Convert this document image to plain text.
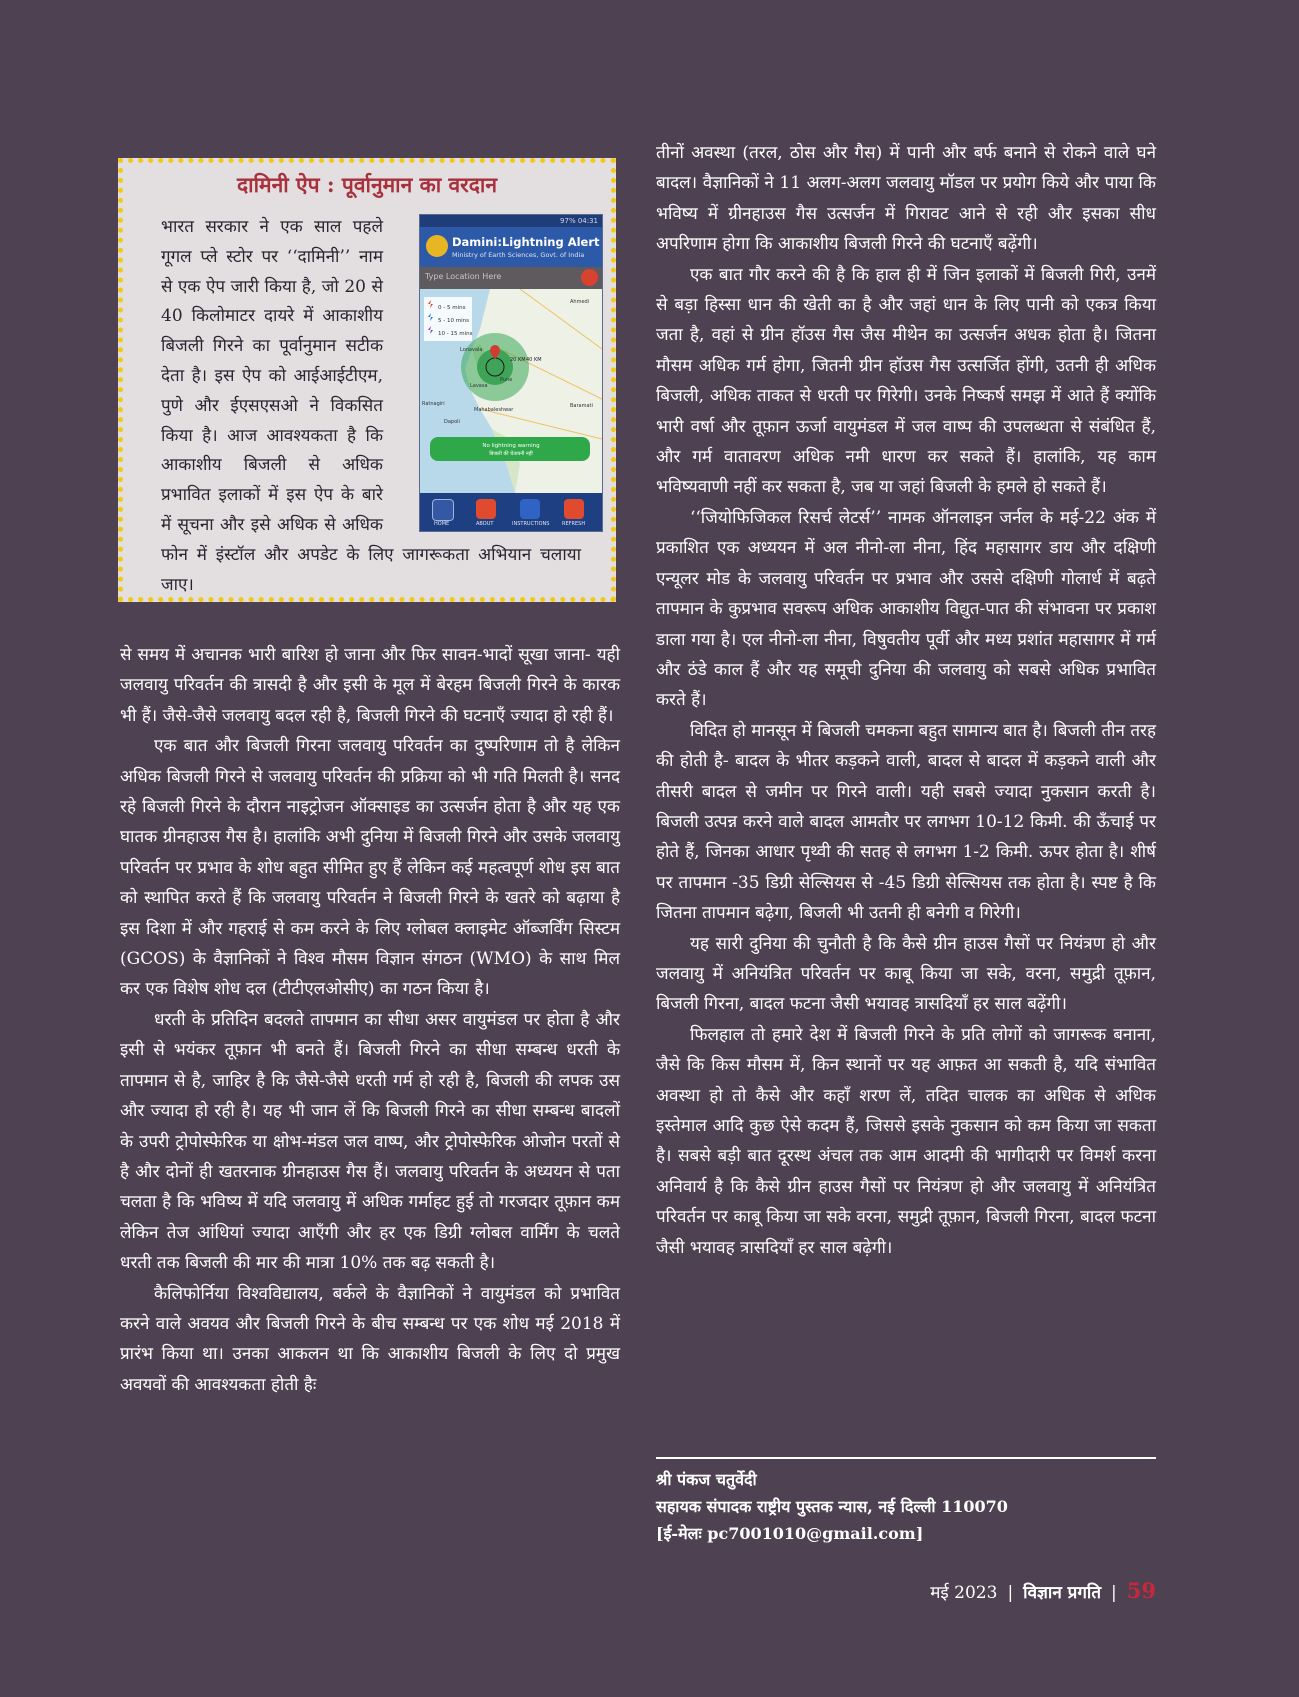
दामिनी ऐप : पूर्वानुमान का वरदान
भारत सरकार ने एक साल पहले गूगल प्ले स्टोर पर ‘‘दामिनी’’ नाम से एक ऐप जारी किया है, जो 20 से 40 किलोमाटर दायरे में आकाशीय बिजली गिरने का पूर्वानुमान सटीक देता है। इस ऐप को आईआईटीएम, पुणे और ईएसएसओ ने विकसित किया है। आज आवश्यकता है कि आकाशीय बिजली से अधिक प्रभावित इलाकों में इस ऐप के बारे में सूचना और इसे अधिक से अधिक फोन में इंस्टॉल और अपडेट के लिए जागरूकता अभियान चलाया जाए।
97% 04:31
Damini:Lightning Alert
Ministry of Earth Sciences, Govt. of India
Type Location Here
0 - 5 mins
5 - 10 mins
10 - 15 mins
Ahmedi
Lonavala
Lavasa
Pune
Baramati
Mahabaleshwar
Ratnagiri
Dapoli
20 KM 40 KM
No lightning warning
बिजली की चेतावनी नहीं
HOME	ABOUT	INSTRUCTIONS	REFRESH

से समय में अचानक भारी बारिश हो जाना और फिर सावन-भादों सूखा जाना- यही जलवायु परिवर्तन की त्रासदी है और इसी के मूल में बेरहम बिजली गिरने के कारक भी हैं। जैसे-जैसे जलवायु बदल रही है, बिजली गिरने की घटनाएँ ज्यादा हो रही हैं।

एक बात और बिजली गिरना जलवायु परिवर्तन का दुष्परिणाम तो है लेकिन अधिक बिजली गिरने से जलवायु परिवर्तन की प्रक्रिया को भी गति मिलती है। सनद रहे बिजली गिरने के दौरान नाइट्रोजन ऑक्साइड का उत्सर्जन होता है और यह एक घातक ग्रीनहाउस गैस है। हालांकि अभी दुनिया में बिजली गिरने और उसके जलवायु परिवर्तन पर प्रभाव के शोध बहुत सीमित हुए हैं लेकिन कई महत्वपूर्ण शोध इस बात को स्थापित करते हैं कि जलवायु परिवर्तन ने बिजली गिरने के खतरे को बढ़ाया है इस दिशा में और गहराई से कम करने के लिए ग्लोबल क्लाइमेट ऑब्जर्विंग सिस्टम (GCOS) के वैज्ञानिकों ने विश्व मौसम विज्ञान संगठन (WMO) के साथ मिल कर एक विशेष शोध दल (टीटीएलओसीए) का गठन किया है।

धरती के प्रतिदिन बदलते तापमान का सीधा असर वायुमंडल पर होता है और इसी से भयंकर तूफ़ान भी बनते हैं। बिजली गिरने का सीधा सम्बन्ध धरती के तापमान से है, जाहिर है कि जैसे-जैसे धरती गर्म हो रही है, बिजली की लपक उस और ज्यादा हो रही है। यह भी जान लें कि बिजली गिरने का सीधा सम्बन्ध बादलों के उपरी ट्रोपोस्फेरिक या क्षोभ-मंडल जल वाष्प, और ट्रोपोस्फेरिक ओजोन परतों से है और दोनों ही खतरनाक ग्रीनहाउस गैस हैं। जलवायु परिवर्तन के अध्ययन से पता चलता है कि भविष्य में यदि जलवायु में अधिक गर्माहट हुई तो गरजदार तूफ़ान कम लेकिन तेज आंधियां ज्यादा आएँगी और हर एक डिग्री ग्लोबल वार्मिंग के चलते धरती तक बिजली की मार की मात्रा 10% तक बढ़ सकती है।

कैलिफोर्निया विश्वविद्यालय, बर्कले के वैज्ञानिकों ने वायुमंडल को प्रभावित करने वाले अवयव और बिजली गिरने के बीच सम्बन्ध पर एक शोध मई 2018 में प्रारंभ किया था। उनका आकलन था कि आकाशीय बिजली के लिए दो प्रमुख अवयवों की आवश्यकता होती हैः

तीनों अवस्था (तरल, ठोस और गैस) में पानी और बर्फ बनाने से रोकने वाले घने बादल। वैज्ञानिकों ने 11 अलग-अलग जलवायु मॉडल पर प्रयोग किये और पाया कि भविष्य में ग्रीनहाउस गैस उत्सर्जन में गिरावट आने से रही और इसका सीध अपरिणाम होगा कि आकाशीय बिजली गिरने की घटनाएँ बढ़ेंगी।

एक बात गौर करने की है कि हाल ही में जिन इलाकों में बिजली गिरी, उनमें से बड़ा हिस्सा धान की खेती का है और जहां धान के लिए पानी को एकत्र किया जता है, वहां से ग्रीन हॉउस गैस जैस मीथेन का उत्सर्जन अधक होता है। जितना मौसम अधिक गर्म होगा, जितनी ग्रीन हॉउस गैस उत्सर्जित होंगी, उतनी ही अधिक बिजली, अधिक ताकत से धरती पर गिरेगी। उनके निष्कर्ष समझ में आते हैं क्योंकि भारी वर्षा और तूफ़ान ऊर्जा वायुमंडल में जल वाष्प की उपलब्धता से संबंधित हैं, और गर्म वातावरण अधिक नमी धारण कर सकते हैं। हालांकि, यह काम भविष्यवाणी नहीं कर सकता है, जब या जहां बिजली के हमले हो सकते हैं।

‘‘जियोफिजिकल रिसर्च लेटर्स’’ नामक ऑनलाइन जर्नल के मई-22 अंक में प्रकाशित एक अध्ययन में अल नीनो-ला नीना, हिंद महासागर डाय और दक्षिणी एन्यूलर मोड के जलवायु परिवर्तन पर प्रभाव और उससे दक्षिणी गोलार्ध में बढ़ते तापमान के कुप्रभाव सवरूप अधिक आकाशीय विद्युत-पात की संभावना पर प्रकाश डाला गया है। एल नीनो-ला नीना, विषुवतीय पूर्वी और मध्य प्रशांत महासागर में गर्म और ठंडे काल हैं और यह समूची दुनिया की जलवायु को सबसे अधिक प्रभावित करते हैं।

विदित हो मानसून में बिजली चमकना बहुत सामान्य बात है। बिजली तीन तरह की होती है- बादल के भीतर कड़कने वाली, बादल से बादल में कड़कने वाली और तीसरी बादल से जमीन पर गिरने वाली। यही सबसे ज्यादा नुकसान करती है। बिजली उत्पन्न करने वाले बादल आमतौर पर लगभग 10-12 किमी. की ऊँचाई पर होते हैं, जिनका आधार पृथ्वी की सतह से लगभग 1-2 किमी. ऊपर होता है। शीर्ष पर तापमान -35 डिग्री सेल्सियस से -45 डिग्री सेल्सियस तक होता है। स्पष्ट है कि जितना तापमान बढ़ेगा, बिजली भी उतनी ही बनेगी व गिरेगी।

यह सारी दुनिया की चुनौती है कि कैसे ग्रीन हाउस गैसों पर नियंत्रण हो और जलवायु में अनियंत्रित परिवर्तन पर काबू किया जा सके, वरना, समुद्री तूफ़ान, बिजली गिरना, बादल फटना जैसी भयावह त्रासदियाँ हर साल बढ़ेंगी।

फिलहाल तो हमारे देश में बिजली गिरने के प्रति लोगों को जागरूक बनाना, जैसे कि किस मौसम में, किन स्थानों पर यह आफ़त आ सकती है, यदि संभावित अवस्था हो तो कैसे और कहाँ शरण लें, तदित चालक का अधिक से अधिक इस्तेमाल आदि कुछ ऐसे कदम हैं, जिससे इसके नुकसान को कम किया जा सकता है। सबसे बड़ी बात दूरस्थ अंचल तक आम आदमी की भागीदारी पर विमर्श करना अनिवार्य है कि कैसे ग्रीन हाउस गैसों पर नियंत्रण हो और जलवायु में अनियंत्रित परिवर्तन पर काबू किया जा सके वरना, समुद्री तूफ़ान, बिजली गिरना, बादल फटना जैसी भयावह त्रासदियाँ हर साल बढ़ेगी।

श्री पंकज चतुर्वेदी
सहायक संपादक राष्ट्रीय पुस्तक न्यास, नई दिल्ली 110070
[ई-मेलः pc7001010@gmail.com]
मई 2023 | विज्ञान प्रगति | 59
